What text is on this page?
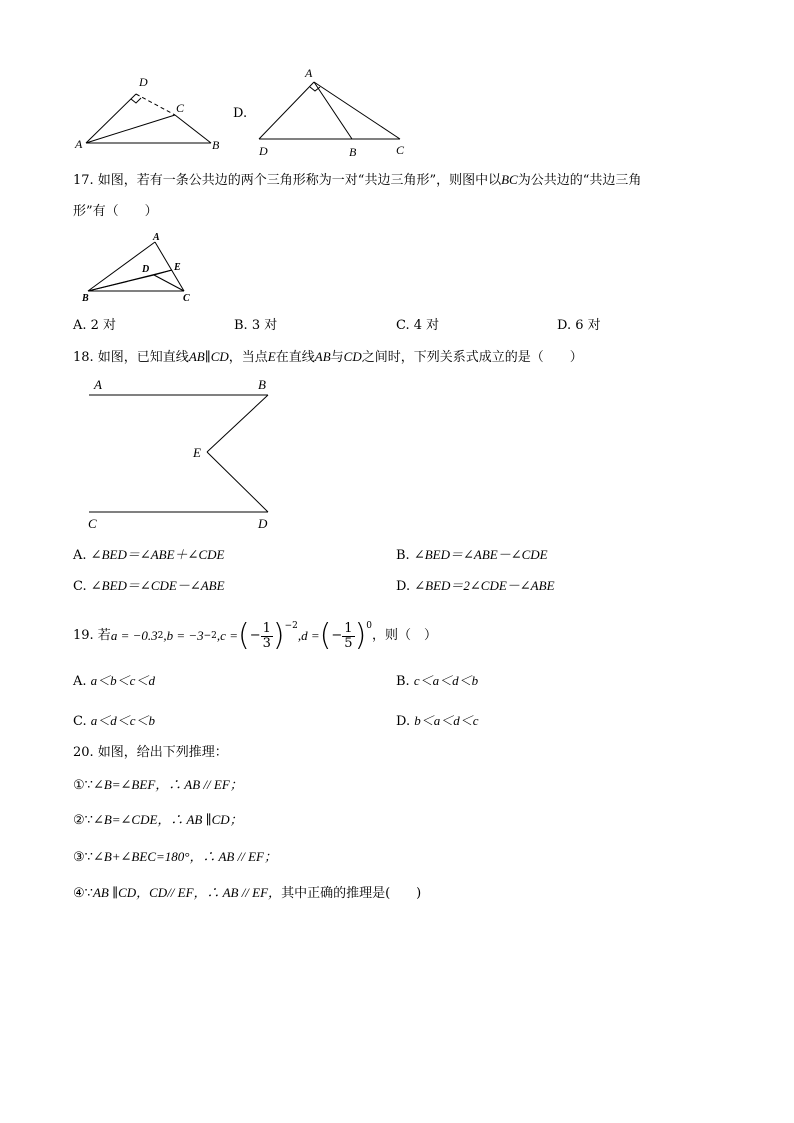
D
C
A	B
D.
A
D	B	C
17. 如图，若有一条公共边的两个三角形称为一对“共边三角形”，则图中以BC为公共边的“共边三角
形”有（　　）
A
D E
B	C
A. 2 对	B. 3 对	C. 4 对	D. 6 对
18. 如图，已知直线AB∥CD，当点E在直线AB与CD之间时，下列关系式成立的是（　　）
A	B
E
C	D
A. ∠BED＝∠ABE＋∠CDE	B. ∠BED＝∠ABE－∠CDE
C. ∠BED＝∠CDE－∠ABE	D. ∠BED＝2∠CDE－∠ABE
19. 若 a = −0.3 2 ,b = −3 −2 ,c = ( − $\frac{1}{3} )^{-2}$
,d = ( − $\frac{1}{5} )^0$
，则（　）
A. a＜b＜c＜d	B. c＜a＜d＜b
C. a＜d＜c＜b	D. b＜a＜d＜c
20. 如图，给出下列推理：
①∵∠B=∠BEF，∴ AB // EF；
②∵∠B=∠CDE，∴ AB ∥CD；
③∵∠B+∠BEC=180°，∴ AB // EF；
④∵AB ∥CD，CD// EF，∴ AB // EF，其中正确的推理是(　　)
